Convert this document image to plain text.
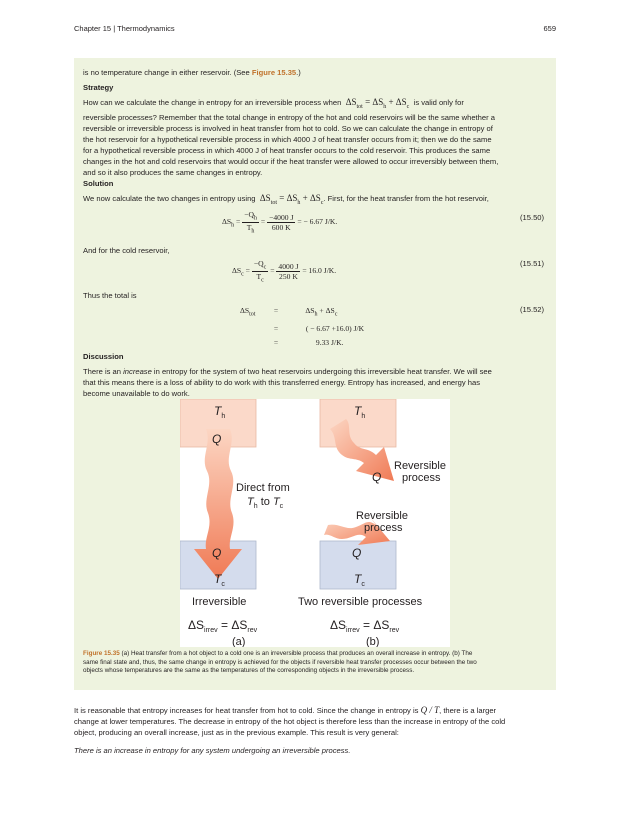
Chapter 15 | Thermodynamics	659
is no temperature change in either reservoir. (See Figure 15.35.)
Strategy
How can we calculate the change in entropy for an irreversible process when  $\Delta S_{tot} = \Delta S_h + \Delta S_c$ is valid only for
reversible processes? Remember that the total change in entropy of the hot and cold reservoirs will be the same whether a
reversible or irreversible process is involved in heat transfer from hot to cold. So we can calculate the change in entropy of
the hot reservoir for a hypothetical reversible process in which 4000 J of heat transfer occurs from it; then we do the same
for a hypothetical reversible process in which 4000 J of heat transfer occurs to the cold reservoir. This produces the same
changes in the hot and cold reservoirs that would occur if the heat transfer were allowed to occur irreversibly between them,
and so it also produces the same changes in entropy.
Solution
We now calculate the two changes in entropy using  $\Delta S_{tot} = \Delta S_h + \Delta S_c$. First, for the heat transfer from the hot reservoir,
$\Delta S_h = \frac{-Q_h}{T_h} = \frac{-4000 J}{600 K}$ = − 6.67 J/K.	(15.50)
And for the cold reservoir,
$\Delta S_c = \frac{-Q_c}{T_c} = \frac{4000 J}{250 K} = 16.0$ J/K.
(15.51)
Thus the total is
$\Delta S_{tot}$ =	$\Delta S_h + \Delta S_c$
=	( − 6.67 +16.0) J/K
=	9.33 J/K.
(15.52)
Discussion
There is an increase in entropy for the system of two heat reservoirs undergoing this irreversible heat transfer. We will see
that this means there is a loss of ability to do work with this transferred energy. Entropy has increased, and energy has
become unavailable to do work.
$T_h$
Q
Q
$T_c$
Direct from
$T_h$ to $T_c$
$T_h$
Q
Reversible
process
Reversible
process
Q
$T_c$
Irreversible	Two reversible processes
$\Delta S_{irrev} = \Delta S_{rev}$	$\Delta S_{irrev} = \Delta S_{rev}$
(a)	(b)
Figure 15.35 (a) Heat transfer from a hot object to a cold one is an irreversible process that produces an overall increase in entropy. (b) The
same final state and, thus, the same change in entropy is achieved for the objects if reversible heat transfer processes occur between the two
objects whose temperatures are the same as the temperatures of the corresponding objects in the irreversible process.
It is reasonable that entropy increases for heat transfer from hot to cold. Since the change in entropy is Q / T, there is a larger
change at lower temperatures. The decrease in entropy of the hot object is therefore less than the increase in entropy of the cold
object, producing an overall increase, just as in the previous example. This result is very general:
There is an increase in entropy for any system undergoing an irreversible process.
